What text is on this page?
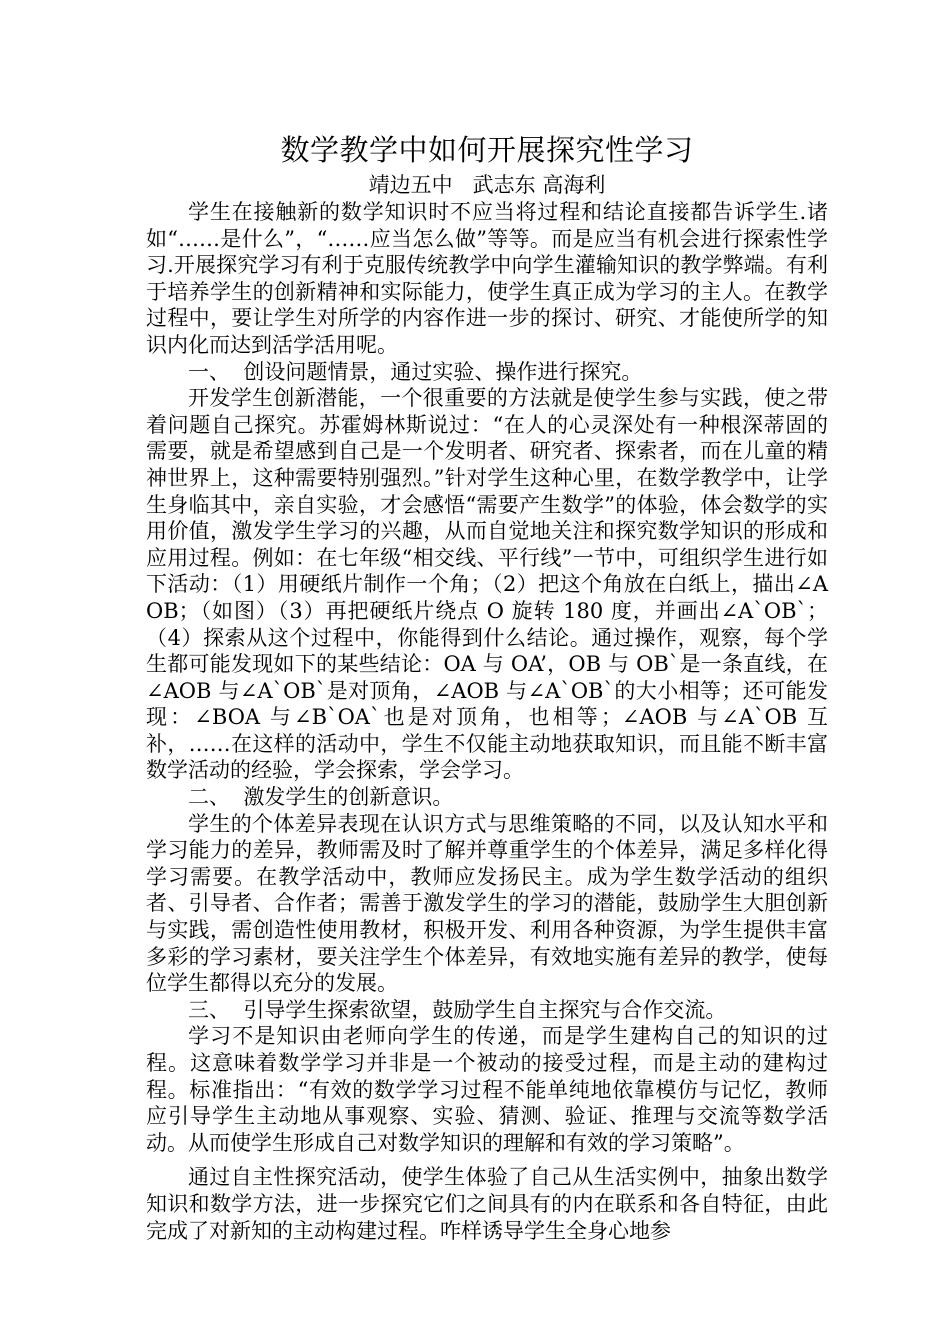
数学教学中如何开展探究性学习

靖边五中   武志东 高海利

学生在接触新的数学知识时不应当将过程和结论直接都告诉学生.诸如“……是什么”，“……应当怎么做”等等。而是应当有机会进行探索性学习.开展探究学习有利于克服传统教学中向学生灌输知识的教学弊端。有利于培养学生的创新精神和实际能力，使学生真正成为学习的主人。在教学过程中，要让学生对所学的内容作进一步的探讨、研究、才能使所学的知识内化而达到活学活用呢。

一、  创设问题情景，通过实验、操作进行探究。

开发学生创新潜能，一个很重要的方法就是使学生参与实践，使之带着问题自己探究。苏霍姆林斯说过：“在人的心灵深处有一种根深蒂固的需要，就是希望感到自己是一个发明者、研究者、探索者，而在儿童的精神世界上，这种需要特别强烈。”针对学生这种心里，在数学教学中，让学生身临其中，亲自实验，才会感悟“需要产生数学”的体验，体会数学的实用价值，激发学生学习的兴趣，从而自觉地关注和探究数学知识的形成和应用过程。例如：在七年级“相交线、平行线”一节中，可组织学生进行如下活动：（1）用硬纸片制作一个角；（2）把这个角放在白纸上，描出∠AOB；（如图）（3）再把硬纸片绕点 O 旋转 180 度，并画出∠A`OB`；（4）探索从这个过程中，你能得到什么结论。通过操作，观察，每个学生都可能发现如下的某些结论：OA 与 OA’，OB 与 OB`是一条直线，在∠AOB 与∠A`OB`是对顶角，∠AOB 与∠A`OB`的大小相等；还可能发现：∠BOA 与∠B`OA`也是对顶角，也相等；∠AOB 与∠A`OB 互补，……在这样的活动中，学生不仅能主动地获取知识，而且能不断丰富数学活动的经验，学会探索，学会学习。

二、  激发学生的创新意识。

学生的个体差异表现在认识方式与思维策略的不同，以及认知水平和学习能力的差异，教师需及时了解并尊重学生的个体差异，满足多样化得学习需要。在教学活动中，教师应发扬民主。成为学生数学活动的组织者、引导者、合作者；需善于激发学生的学习的潜能，鼓励学生大胆创新与实践，需创造性使用教材，积极开发、利用各种资源，为学生提供丰富多彩的学习素材，要关注学生个体差异，有效地实施有差异的教学，使每位学生都得以充分的发展。

三、  引导学生探索欲望，鼓励学生自主探究与合作交流。

学习不是知识由老师向学生的传递，而是学生建构自己的知识的过程。这意味着数学学习并非是一个被动的接受过程，而是主动的建构过程。标准指出：“有效的数学学习过程不能单纯地依靠模仿与记忆，教师应引导学生主动地从事观察、实验、猜测、验证、推理与交流等数学活动。从而使学生形成自己对数学知识的理解和有效的学习策略”。

通过自主性探究活动，使学生体验了自己从生活实例中，抽象出数学知识和数学方法，进一步探究它们之间具有的内在联系和各自特征，由此完成了对新知的主动构建过程。咋样诱导学生全身心地参
